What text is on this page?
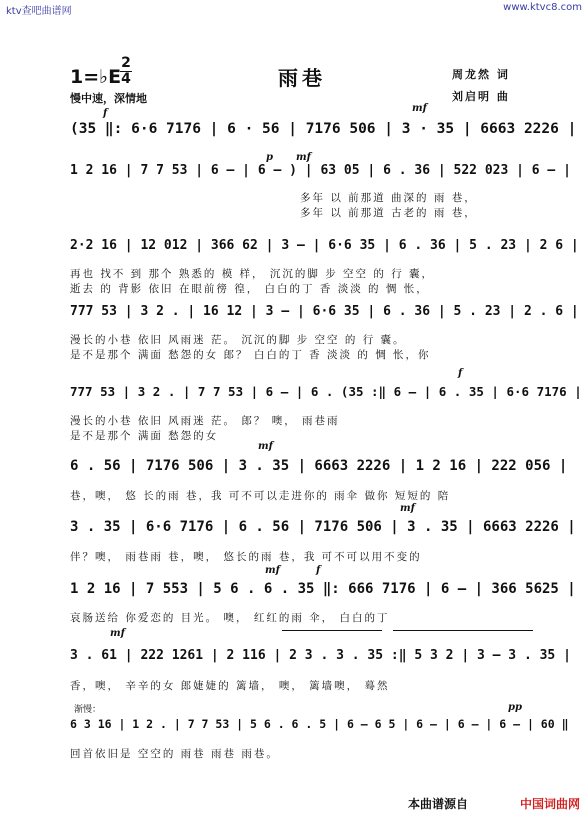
ktv查吧曲谱网	www.ktvc8.com
1=♭E
2
4
慢中速，深情地
雨巷	周龙然 词
刘启明 曲
f	mf
(35 ‖: 6·6 7176 | 6 · 56 | 7176 506 | 3 · 35 | 6663 2226 |
p mf
1 2 16 | 7 7 53 | 6 – | 6 – ) | 63 05 | 6 . 36 | 522 023 | 6 – |
多年 以 前那道 曲深的 雨 巷，
多年 以 前那道 古老的 雨 巷，
2·2 16 | 12 012 | 366 62 | 3 – | 6·6 35 | 6 . 36 | 5 . 23 | 2 6 |
再也 找不 到 那个 熟悉的 模 样， 沉沉的脚 步 空空 的 行 囊，
逝去 的 背影 依旧 在眼前徬 徨， 白白的丁 香 淡淡 的 惆 怅，
777 53 | 3 2 . | 16 12 | 3 – | 6·6 35 | 6 . 36 | 5 . 23 | 2 . 6 |
漫长的小巷 依旧 风雨迷 茫。 沉沉的脚 步 空空 的 行 囊。
是不是那个 满面 愁怨的女 郎？ 白白的丁 香 淡淡 的 惆 怅，你
f
777 53 | 3 2 . | 7 7 53 | 6 – | 6 . (35 :‖ 6 – | 6 . 35 | 6·6 7176 |
漫长的小巷 依旧 风雨迷 茫。 郎？ 噢， 雨巷雨
是不是那个 满面 愁怨的女
mf
6 . 56 | 7176 506 | 3 . 35 | 6663 2226 | 1 2 16 | 222 056 |
巷，噢， 悠 长的雨 巷，我 可不可以走进你的 雨伞 做你 短短的 陪
mf
3 . 35 | 6·6 7176 | 6 . 56 | 7176 506 | 3 . 35 | 6663 2226 |
伴？噢， 雨巷雨 巷，噢， 悠长的雨 巷，我 可不可以用不变的
mf	f
1 2 16 | 7 553 | 5 6 . 6 . 35 ‖: 666 7176 | 6 – | 366 5625 |
哀肠送给 你爱恋的 目光。 噢， 红红的雨 伞， 白白的丁
mf
3 . 61 | 222 1261 | 2 116 | 2 3 . 3 . 35 :‖ 5 3 2 | 3 – 3 . 35 |
香，噢， 辛辛的女 郎婕婕的 篱墙， 噢， 篱墙噢， 蓦然
渐慢：	pp
6 3 16 | 1 2 . | 7 7 53 | 5 6 . 6 . 5 | 6 – 6 5 | 6 – | 6 – | 6 – | 60 ‖
回首依旧是 空空的 雨巷 雨巷 雨巷。
本曲谱源自	中国词曲网
